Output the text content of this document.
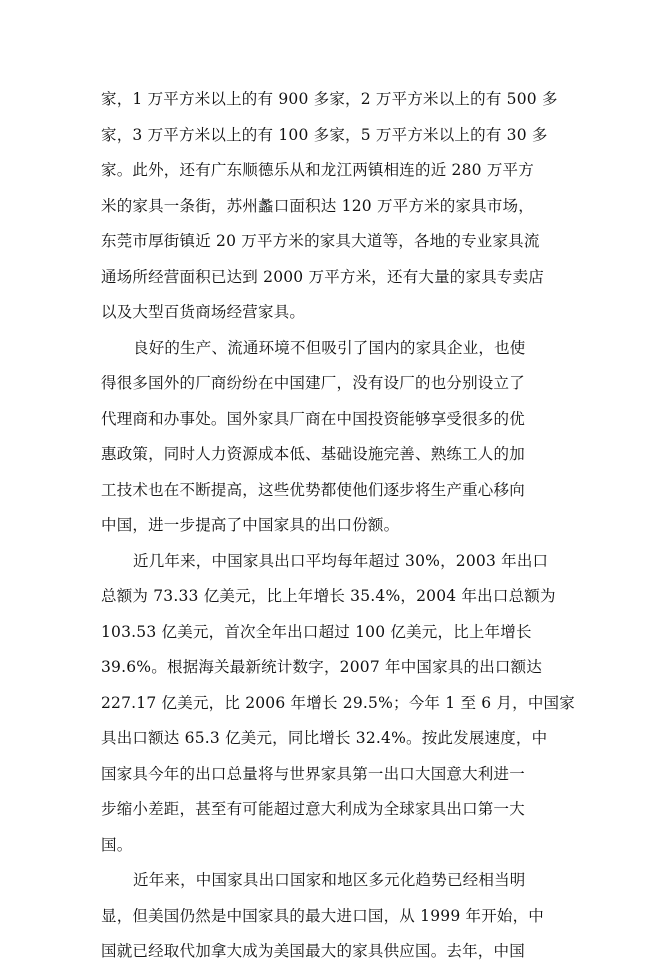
家，1 万平方米以上的有 900 多家，2 万平方米以上的有 500 多

家，3 万平方米以上的有 100 多家，5 万平方米以上的有 30 多

家。此外，还有广东顺德乐从和龙江两镇相连的近 280 万平方

米的家具一条街，苏州蠡口面积达 120 万平方米的家具市场，

东莞市厚街镇近 20 万平方米的家具大道等，各地的专业家具流

通场所经营面积已达到 2000 万平方米，还有大量的家具专卖店

以及大型百货商场经营家具。

良好的生产、流通环境不但吸引了国内的家具企业，也使

得很多国外的厂商纷纷在中国建厂，没有设厂的也分别设立了

代理商和办事处。国外家具厂商在中国投资能够享受很多的优

惠政策，同时人力资源成本低、基础设施完善、熟练工人的加

工技术也在不断提高，这些优势都使他们逐步将生产重心移向

中国，进一步提高了中国家具的出口份额。

近几年来，中国家具出口平均每年超过 30%，2003 年出口

总额为 73.33 亿美元，比上年增长 35.4%，2004 年出口总额为

103.53 亿美元，首次全年出口超过 100 亿美元，比上年增长

39.6%。根据海关最新统计数字，2007 年中国家具的出口额达

227.17 亿美元，比 2006 年增长 29.5%；今年 1 至 6 月，中国家

具出口额达 65.3 亿美元，同比增长 32.4%。按此发展速度，中

国家具今年的出口总量将与世界家具第一出口大国意大利进一

步缩小差距，甚至有可能超过意大利成为全球家具出口第一大

国。

近年来，中国家具出口国家和地区多元化趋势已经相当明

显，但美国仍然是中国家具的最大进口国，从 1999 年开始，中

国就已经取代加拿大成为美国最大的家具供应国。去年，中国
